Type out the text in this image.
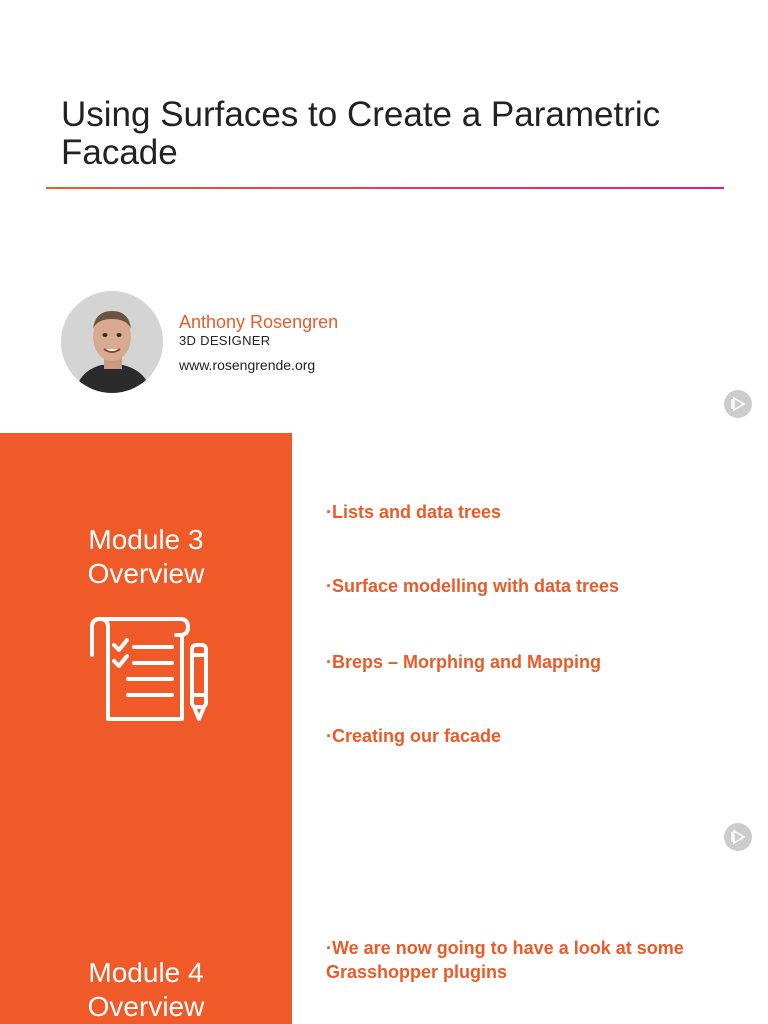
Using Surfaces to Create a Parametric Facade
Anthony Rosengren
3D DESIGNER
www.rosengrende.org
Module 3
Overview

·Lists and data trees

·Surface modelling with data trees

·Breps – Morphing and Mapping

·Creating our facade

Module 4
Overview

·We are now going to have a look at some Grasshopper plugins
